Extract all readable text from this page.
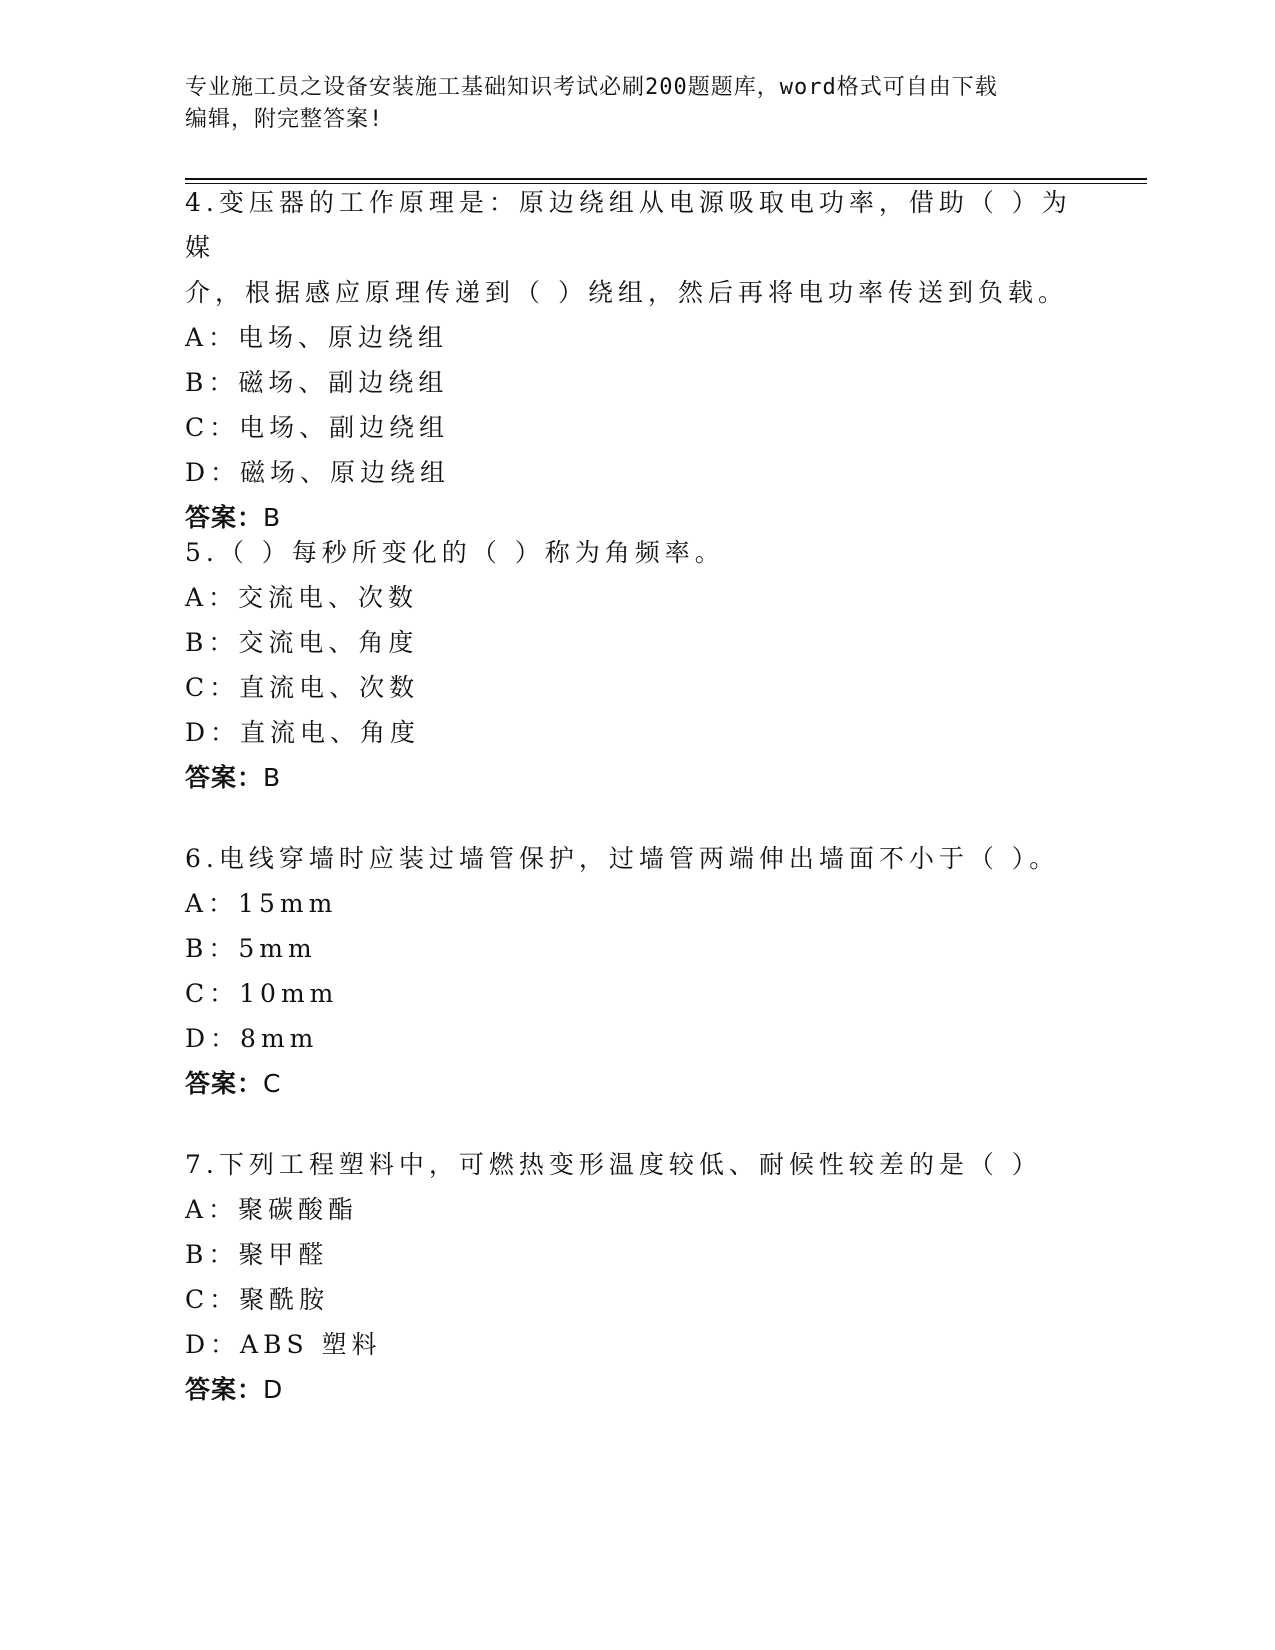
专业施工员之设备安装施工基础知识考试必刷200题题库，word格式可自由下载
编辑，附完整答案!
4.变压器的工作原理是：原边绕组从电源吸取电功率，借助（ ）为媒
介，根据感应原理传递到（ ）绕组，然后再将电功率传送到负载。
A：电场、原边绕组
B：磁场、副边绕组
C：电场、副边绕组
D：磁场、原边绕组
答案：B
5.（ ）每秒所变化的（ ）称为角频率。
A：交流电、次数
B：交流电、角度
C：直流电、次数
D：直流电、角度
答案：B
6.电线穿墙时应装过墙管保护，过墙管两端伸出墙面不小于（ ）。
A：15mm
B：5mm
C：10mm
D：8mm
答案：C
7.下列工程塑料中，可燃热变形温度较低、耐候性较差的是（ ）
A：聚碳酸酯
B：聚甲醛
C：聚酰胺
D：ABS 塑料
答案：D
